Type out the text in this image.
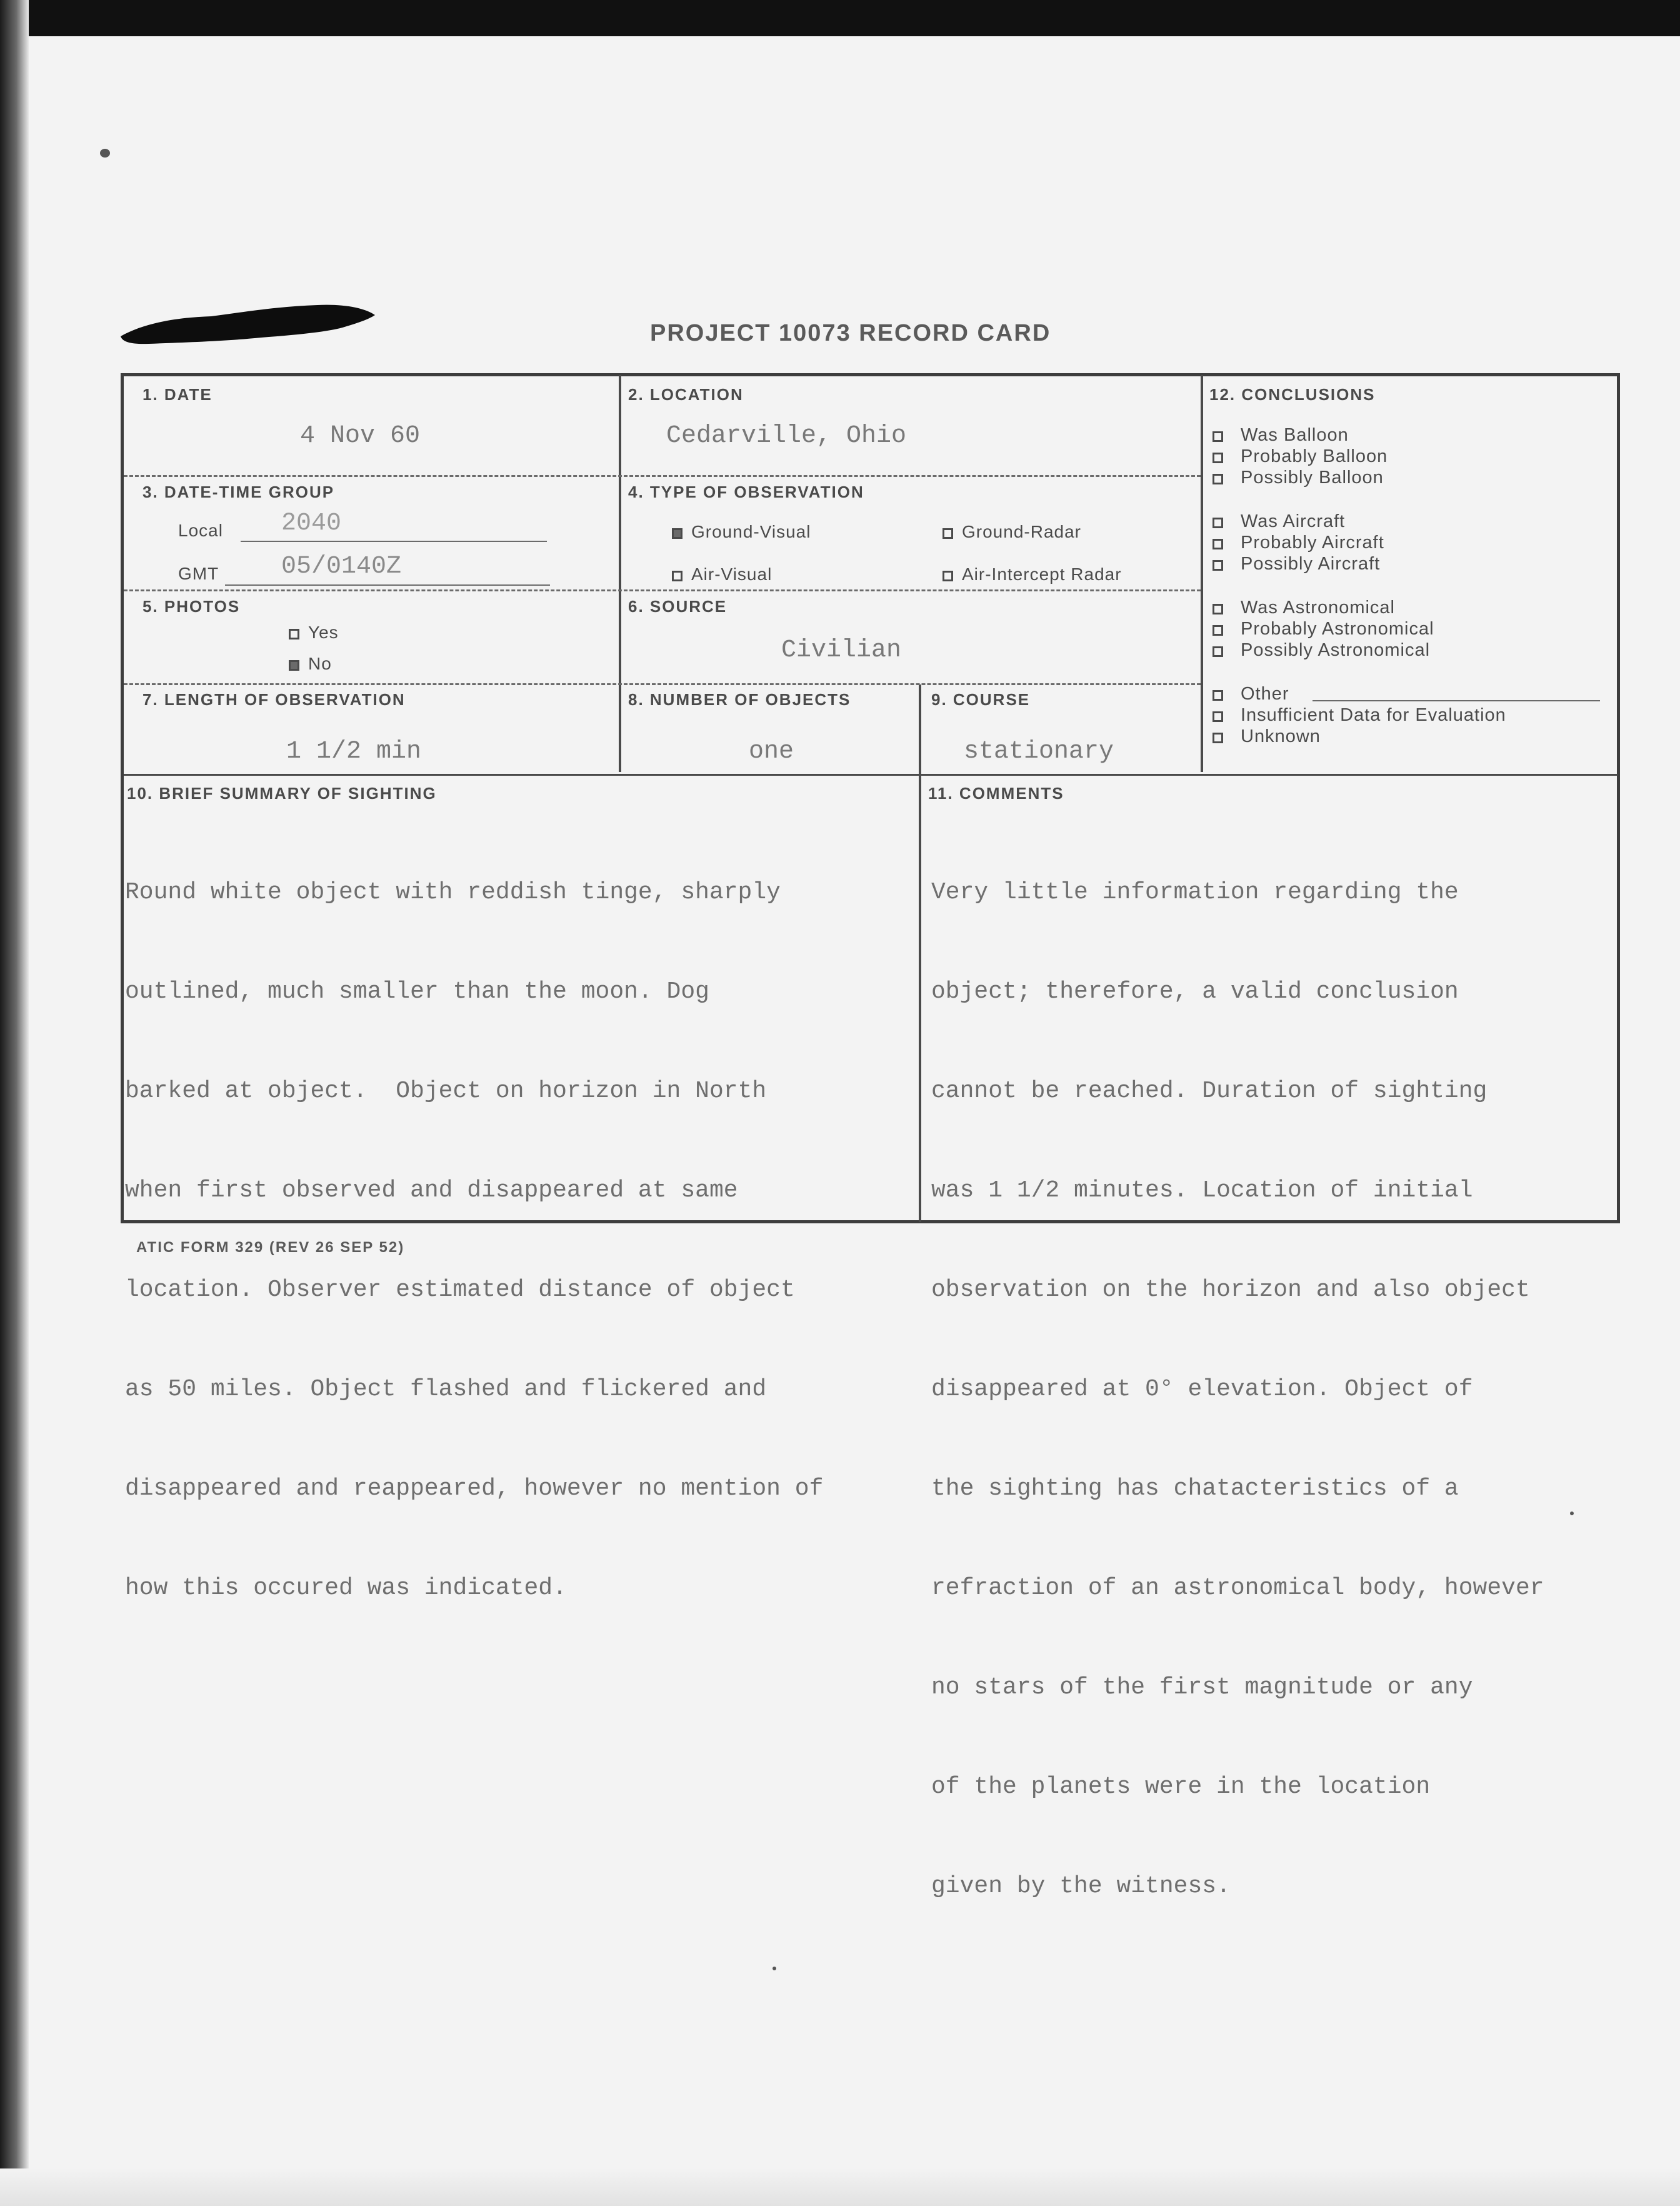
PROJECT 10073 RECORD CARD
1. DATE
4 Nov 60
2. LOCATION
Cedarville, Ohio
3. DATE-TIME GROUP
Local 2040
GMT 05/0140Z
4. TYPE OF OBSERVATION
Ground-Visual	Ground-Radar
Air-Visual	Air-Intercept Radar
5. PHOTOS
Yes
No
6. SOURCE
Civilian
7. LENGTH OF OBSERVATION
1 1/2 min
8. NUMBER OF OBJECTS
one
9. COURSE
stationary
10. BRIEF SUMMARY OF SIGHTING

Round white object with reddish tinge, sharply

outlined, much smaller than the moon. Dog

barked at object.  Object on horizon in North

when first observed and disappeared at same

location. Observer estimated distance of object

as 50 miles. Object flashed and flickered and

disappeared and reappeared, however no mention of

how this occured was indicated.

11. COMMENTS

Very little information regarding the

object; therefore, a valid conclusion

cannot be reached. Duration of sighting

was 1 1/2 minutes. Location of initial

observation on the horizon and also object

disappeared at 0° elevation. Object of

the sighting has chatacteristics of a

refraction of an astronomical body, however

no stars of the first magnitude or any

of the planets were in the location

given by the witness.

12. CONCLUSIONS
Was Balloon
Probably Balloon
Possibly Balloon
Was Aircraft
Probably Aircraft
Possibly Aircraft
Was Astronomical
Probably Astronomical
Possibly Astronomical
Other
Insufficient Data for Evaluation
Unknown
ATIC FORM 329 (REV 26 SEP 52)
